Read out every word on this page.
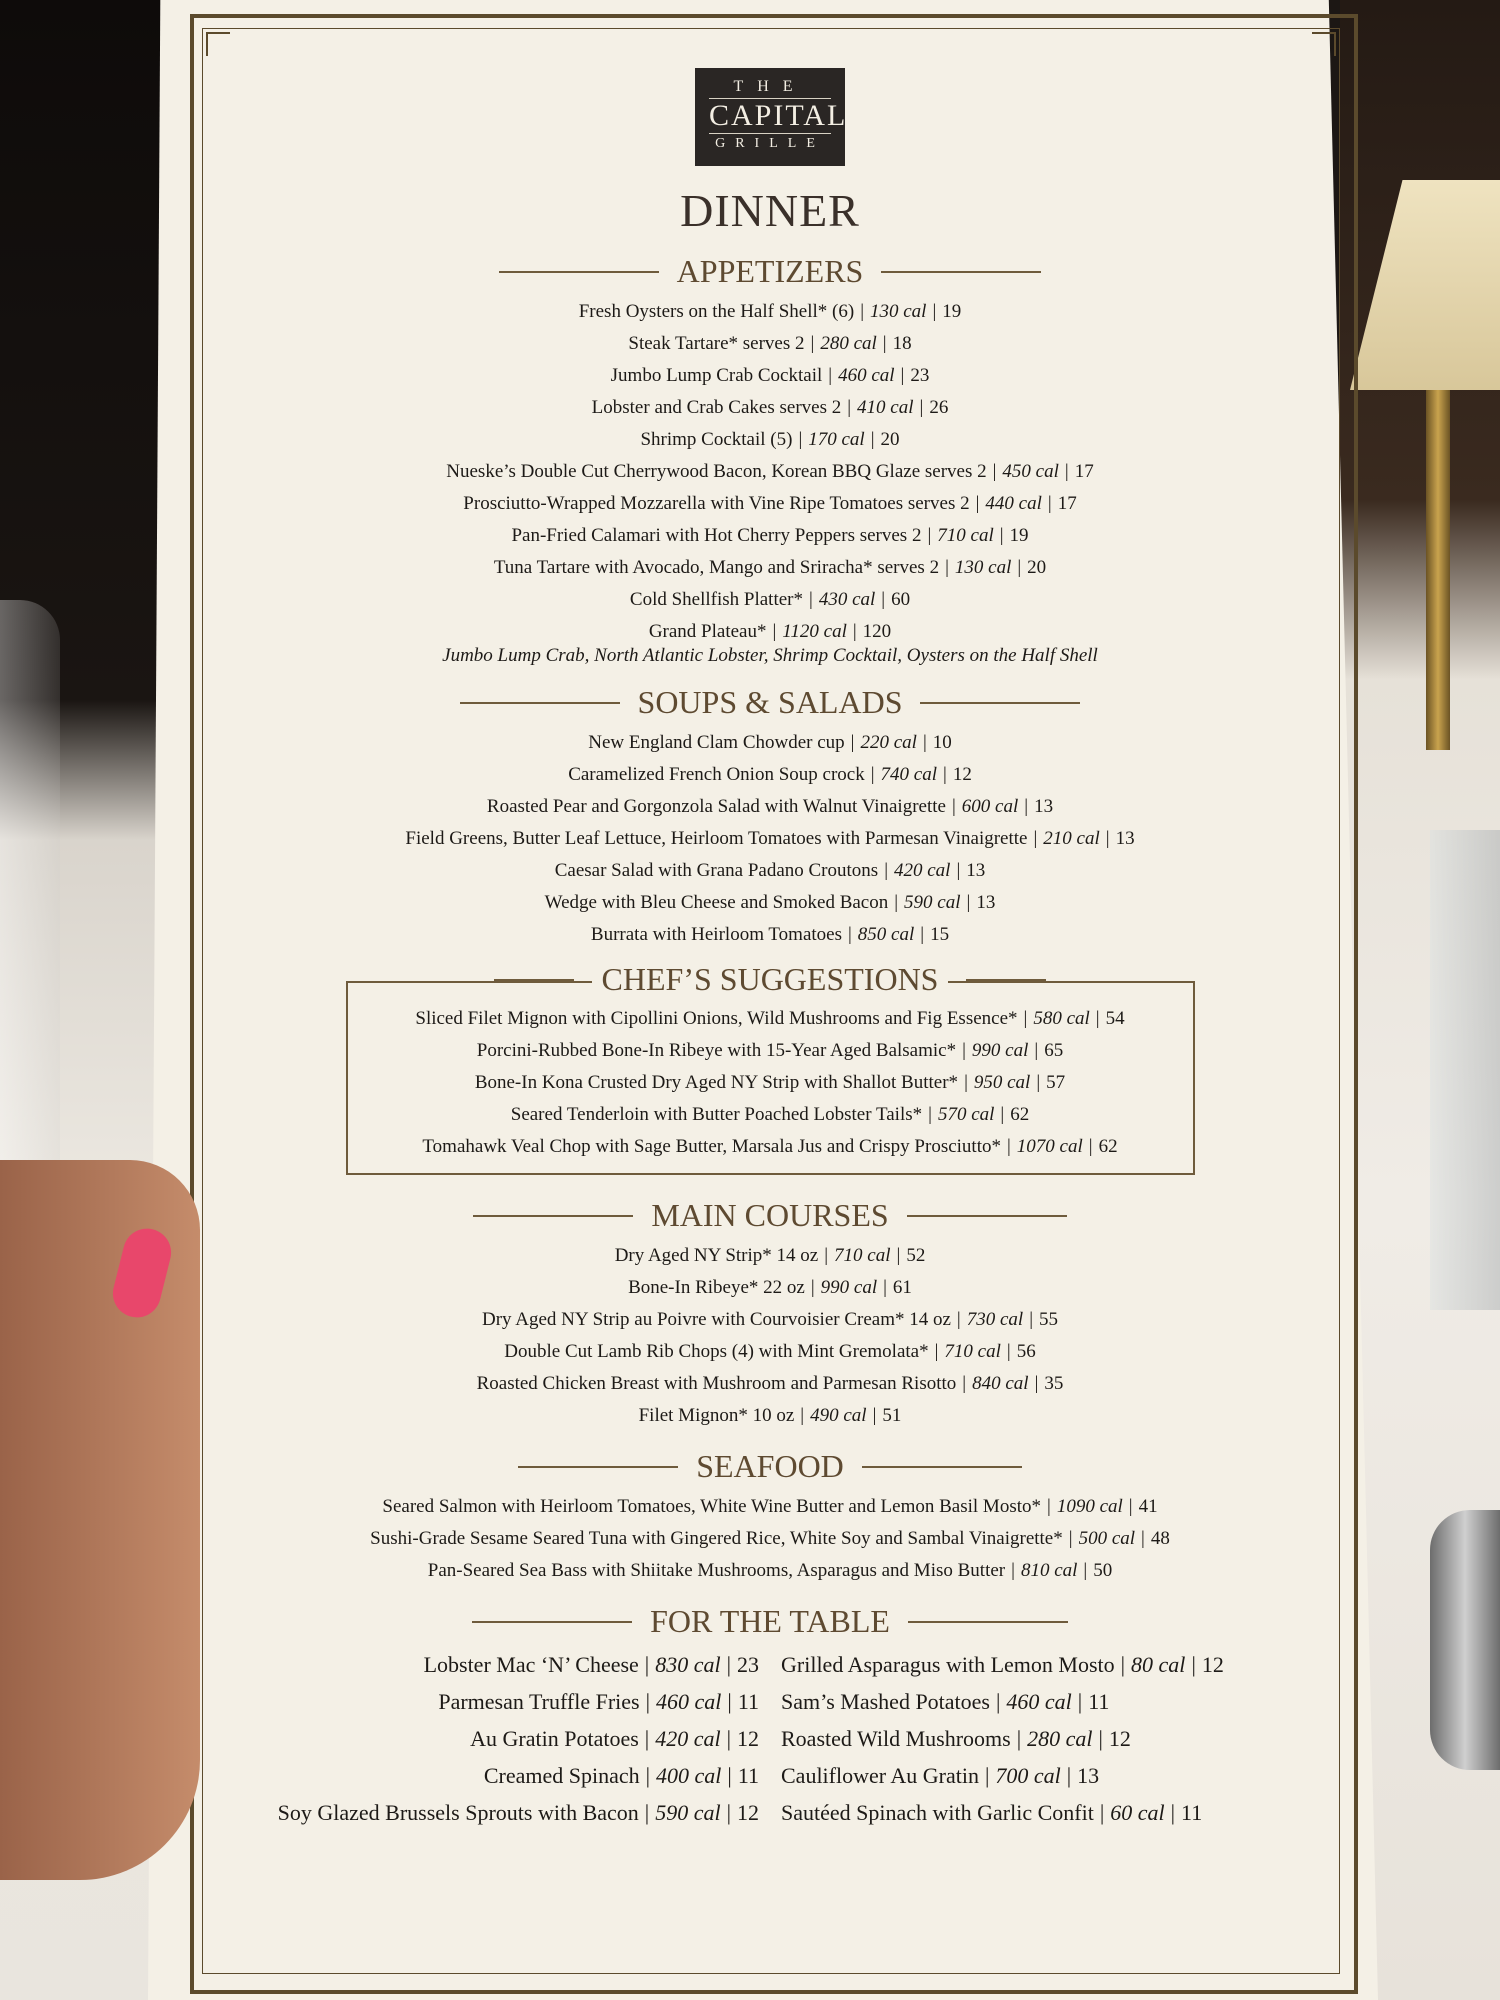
THE
CAPITAL
GRILLE
DINNER
APPETIZERS
Fresh Oysters on the Half Shell* (6) | 130 cal | 19
Steak Tartare* serves 2 | 280 cal | 18
Jumbo Lump Crab Cocktail | 460 cal | 23
Lobster and Crab Cakes serves 2 | 410 cal | 26
Shrimp Cocktail (5) | 170 cal | 20
Nueske’s Double Cut Cherrywood Bacon, Korean BBQ Glaze serves 2 | 450 cal | 17
Prosciutto-Wrapped Mozzarella with Vine Ripe Tomatoes serves 2 | 440 cal | 17
Pan-Fried Calamari with Hot Cherry Peppers serves 2 | 710 cal | 19
Tuna Tartare with Avocado, Mango and Sriracha* serves 2 | 130 cal | 20
Cold Shellfish Platter* | 430 cal | 60
Grand Plateau* | 1120 cal | 120
Jumbo Lump Crab, North Atlantic Lobster, Shrimp Cocktail, Oysters on the Half Shell
SOUPS & SALADS
New England Clam Chowder cup | 220 cal | 10
Caramelized French Onion Soup crock | 740 cal | 12
Roasted Pear and Gorgonzola Salad with Walnut Vinaigrette | 600 cal | 13
Field Greens, Butter Leaf Lettuce, Heirloom Tomatoes with Parmesan Vinaigrette | 210 cal | 13
Caesar Salad with Grana Padano Croutons | 420 cal | 13
Wedge with Bleu Cheese and Smoked Bacon | 590 cal | 13
Burrata with Heirloom Tomatoes | 850 cal | 15
CHEF’S SUGGESTIONS
Sliced Filet Mignon with Cipollini Onions, Wild Mushrooms and Fig Essence* | 580 cal | 54
Porcini-Rubbed Bone-In Ribeye with 15-Year Aged Balsamic* | 990 cal | 65
Bone-In Kona Crusted Dry Aged NY Strip with Shallot Butter* | 950 cal | 57
Seared Tenderloin with Butter Poached Lobster Tails* | 570 cal | 62
Tomahawk Veal Chop with Sage Butter, Marsala Jus and Crispy Prosciutto* | 1070 cal | 62
MAIN COURSES
Dry Aged NY Strip* 14 oz | 710 cal | 52
Bone-In Ribeye* 22 oz | 990 cal | 61
Dry Aged NY Strip au Poivre with Courvoisier Cream* 14 oz | 730 cal | 55
Double Cut Lamb Rib Chops (4) with Mint Gremolata* | 710 cal | 56
Roasted Chicken Breast with Mushroom and Parmesan Risotto | 840 cal | 35
Filet Mignon* 10 oz | 490 cal | 51
SEAFOOD
Seared Salmon with Heirloom Tomatoes, White Wine Butter and Lemon Basil Mosto* | 1090 cal | 41
Sushi-Grade Sesame Seared Tuna with Gingered Rice, White Soy and Sambal Vinaigrette* | 500 cal | 48
Pan-Seared Sea Bass with Shiitake Mushrooms, Asparagus and Miso Butter | 810 cal | 50
FOR THE TABLE
Lobster Mac ‘N’ Cheese | 830 cal | 23
Parmesan Truffle Fries | 460 cal | 11
Au Gratin Potatoes | 420 cal | 12
Creamed Spinach | 400 cal | 11
Soy Glazed Brussels Sprouts with Bacon | 590 cal | 12
Grilled Asparagus with Lemon Mosto | 80 cal | 12
Sam’s Mashed Potatoes | 460 cal | 11
Roasted Wild Mushrooms | 280 cal | 12
Cauliflower Au Gratin | 700 cal | 13
Sautéed Spinach with Garlic Confit | 60 cal | 11
